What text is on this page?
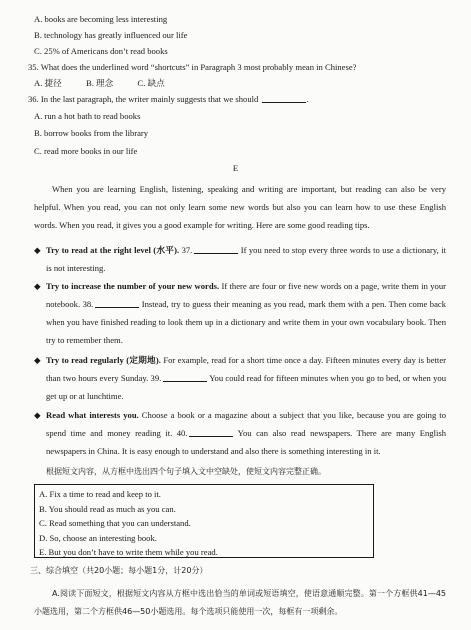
A. books are becoming less interesting
B. technology has greatly influenced our life
C. 25% of Americans don’t read books
35. What does the underlined word “shortcuts” in Paragraph 3 most probably mean in Chinese?
A. 捷径	B. 理念	C. 缺点
36. In the last paragraph, the writer mainly suggests that we should	.
A. run a hot bath to read books
B. borrow books from the library
C. read more books in our life
E
When you are learning English, listening, speaking and writing are important, but reading can also be very helpful. When you read, you can not only learn some new words but also you can learn how to use these English words. When you read, it gives you a good example for writing. Here are some good reading tips.
◆ Try to read at the right level (水平). 37.	If you need to stop every three words to use a dictionary, it is not interesting.
◆ Try to increase the number of your new words. If there are four or five new words on a page, write them in your notebook. 38.	Instead, try to guess their meaning as you read, mark them with a pen. Then come back when you have finished reading to look them up in a dictionary and write them in your own vocabulary book. Then try to remember them.
◆ Try to read regularly (定期地). For example, read for a short time once a day. Fifteen minutes every day is better than two hours every Sunday. 39.	You could read for fifteen minutes when you go to bed, or when you get up or at lunchtime.
◆ Read what interests you. Choose a book or a magazine about a subject that you like, because you are going to spend time and money reading it. 40.	You can also read newspapers. There are many English newspapers in China. It is easy enough to understand and also there is something interesting in it.
根据短文内容，从方框中选出四个句子填入文中空缺处，使短文内容完整正确。
A. Fix a time to read and keep to it.
B. You should read as much as you can.
C. Read something that you can understand.
D. So, choose an interesting book.
E. But you don’t have to write them while you read.
三、综合填空（共20小题；每小题1分，计20分）
A.阅读下面短文，根据短文内容从方框中选出恰当的单词或短语填空，使语意通顺完整。第一个方框供41—45小题选用，第二个方框供46—50小题选用。每个选项只能使用一次，每框有一项剩余。
